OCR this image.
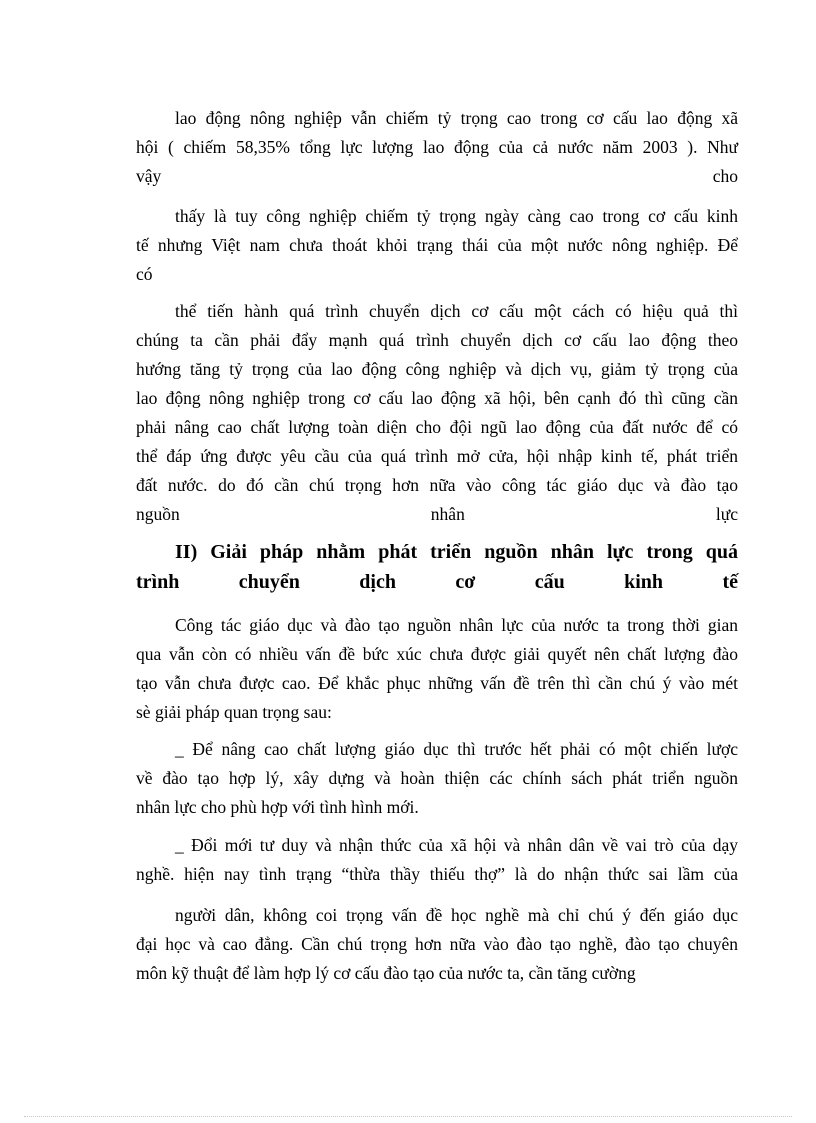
lao động nông nghiệp vẫn chiếm tỷ trọng cao trong cơ cấu lao động xã
hội ( chiếm 58,35% tổng lực lượng lao động của cả nước năm 2003 ). Như
vậy cho
thấy là tuy công nghiệp chiếm tỷ trọng ngày càng cao trong cơ cấu kinh
tế nhưng Việt nam chưa thoát khỏi trạng thái của một nước nông nghiệp. Để
có
thể tiến hành quá trình chuyển dịch cơ cấu một cách có hiệu quả thì
chúng ta cần phải đẩy mạnh quá trình chuyển dịch cơ cấu lao động theo
hướng tăng tỷ trọng của lao động công nghiệp và dịch vụ, giảm tỷ trọng của
lao động nông nghiệp trong cơ cấu lao động xã hội, bên cạnh đó thì cũng cần
phải nâng cao chất lượng toàn diện cho đội ngũ lao động của đất nước để có
thể đáp ứng được yêu cầu của quá trình mở cửa, hội nhập kinh tế, phát triển
đất nước. do đó cần chú trọng hơn nữa vào công tác giáo dục và đào tạo
nguồn nhân lực
II) Giải pháp nhằm phát triển nguồn nhân lực trong quá
trình chuyển dịch cơ cấu kinh tế
Công tác giáo dục và đào tạo nguồn nhân lực của nước ta trong thời gian
qua vẫn còn có nhiều vấn đề bức xúc chưa được giải quyết nên chất lượng đào
tạo vẫn chưa được cao. Để khắc phục những vấn đề trên thì cần chú ý vào mét
sè giải pháp quan trọng sau:
_ Để nâng cao chất lượng giáo dục thì trước hết phải có một chiến lược
về đào tạo hợp lý, xây dựng và hoàn thiện các chính sách phát triển nguồn
nhân lực cho phù hợp với tình hình mới.
_ Đổi mới tư duy và nhận thức của xã hội và nhân dân về vai trò của dạy
nghề. hiện nay tình trạng “thừa thầy thiếu thợ” là do nhận thức sai lầm của
người dân, không coi trọng vấn đề học nghề mà chỉ chú ý đến giáo dục
đại học và cao đẳng. Cần chú trọng hơn nữa vào đào tạo nghề, đào tạo chuyên
môn kỹ thuật để làm hợp lý cơ cấu đào tạo của nước ta, cần tăng cường
